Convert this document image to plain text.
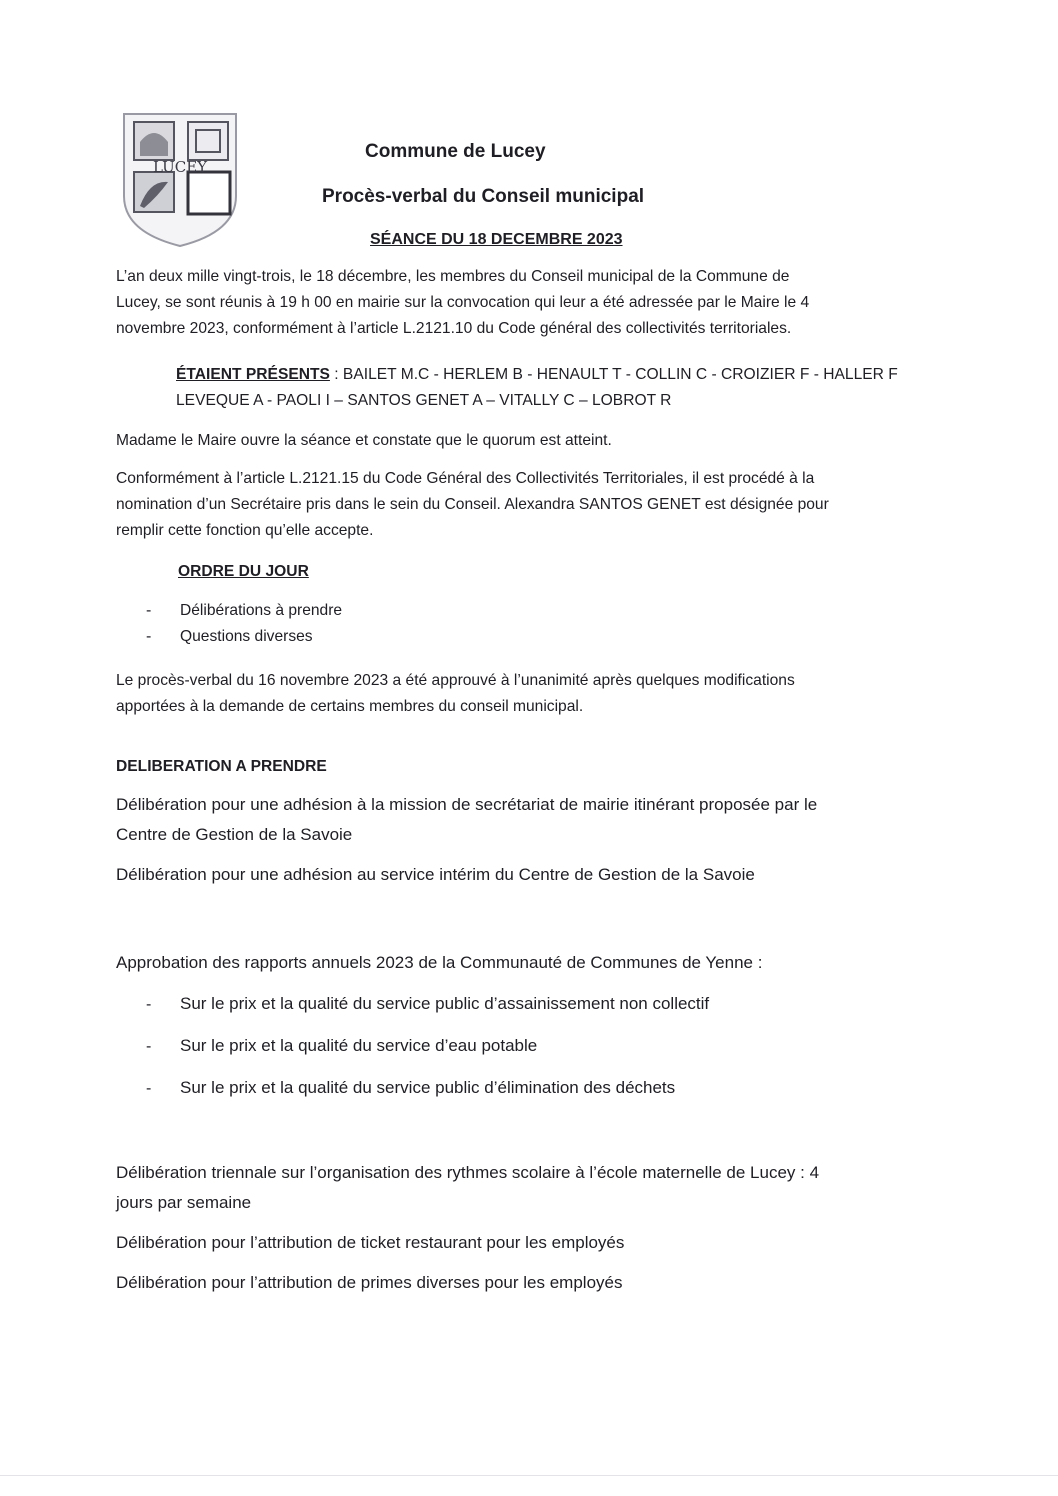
LUCEY
Commune de Lucey
Procès-verbal du Conseil municipal
SÉANCE DU 18 DECEMBRE 2023
L’an deux mille vingt-trois, le 18 décembre, les membres du Conseil municipal de la Commune de
Lucey, se sont réunis à 19 h 00 en mairie sur la convocation qui leur a été adressée par le Maire le 4
novembre 2023, conformément à l’article L.2121.10 du Code général des collectivités territoriales.
ÉTAIENT PRÉSENTS : BAILET M.C - HERLEM B - HENAULT T - COLLIN C - CROIZIER F - HALLER F
LEVEQUE A - PAOLI I – SANTOS GENET A – VITALLY C – LOBROT R
Madame le Maire ouvre la séance et constate que le quorum est atteint.
Conformément à l’article L.2121.15 du Code Général des Collectivités Territoriales, il est procédé à la
nomination d’un Secrétaire pris dans le sein du Conseil. Alexandra SANTOS GENET est désignée pour
remplir cette fonction qu’elle accepte.
ORDRE DU JOUR
- Délibérations à prendre
- Questions diverses
Le procès-verbal du 16 novembre 2023 a été approuvé à l’unanimité après quelques modifications
apportées à la demande de certains membres du conseil municipal.
DELIBERATION A PRENDRE
Délibération pour une adhésion à la mission de secrétariat de mairie itinérant proposée par le
Centre de Gestion de la Savoie
Délibération pour une adhésion au service intérim du Centre de Gestion de la Savoie
Approbation des rapports annuels 2023 de la Communauté de Communes de Yenne :
- Sur le prix et la qualité du service public d’assainissement non collectif
- Sur le prix et la qualité du service d’eau potable
- Sur le prix et la qualité du service public d’élimination des déchets
Délibération triennale sur l’organisation des rythmes scolaire à l’école maternelle de Lucey : 4
jours par semaine
Délibération pour l’attribution de ticket restaurant pour les employés
Délibération pour l’attribution de primes diverses pour les employés
